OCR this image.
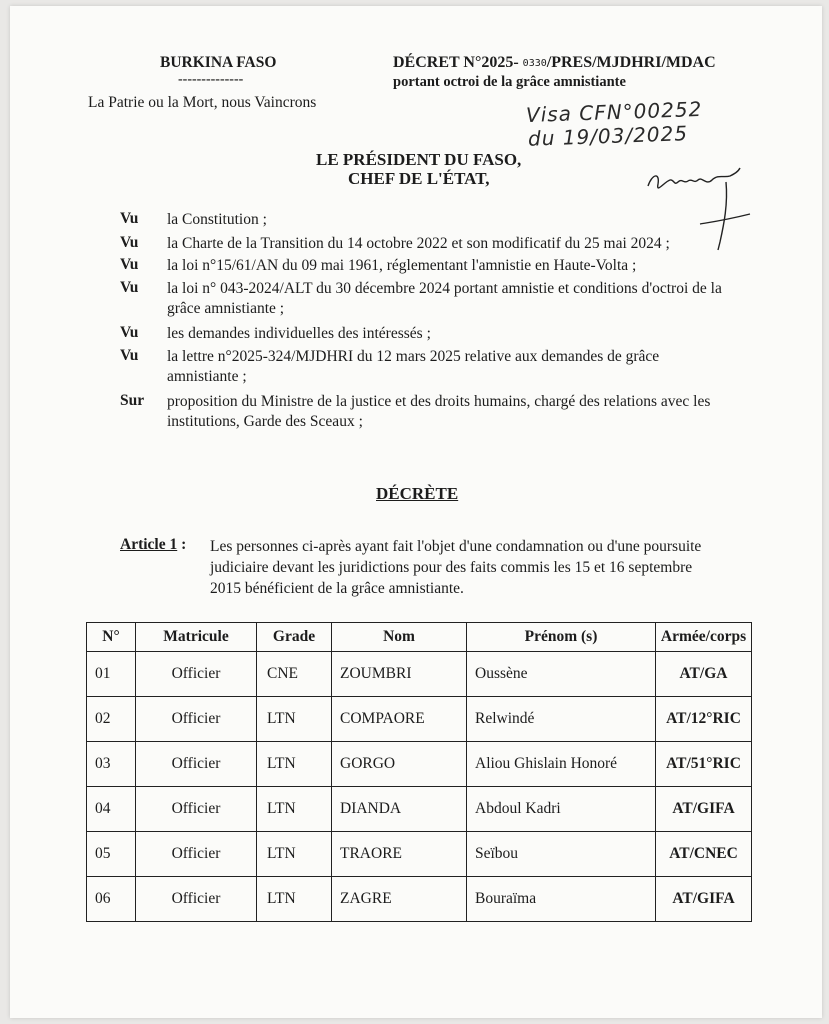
BURKINA FASO
--------------
La Patrie ou la Mort, nous Vaincrons
DÉCRET N°2025- 0330/PRES/MJDHRI/MDAC
portant octroi de la grâce amnistiante
Visa CFN°00252
du 19/03/2025
LE PRÉSIDENT DU FASO,
CHEF DE L'ÉTAT,
Vu la Constitution ;
Vu la Charte de la Transition du 14 octobre 2022 et son modificatif du 25 mai 2024 ;
Vu la loi n°15/61/AN du 09 mai 1961, réglementant l'amnistie en Haute-Volta ;
Vu la loi n° 043-2024/ALT du 30 décembre 2024 portant amnistie et conditions d'octroi de la grâce amnistiante ;
Vu les demandes individuelles des intéressés ;
Vu la lettre n°2025-324/MJDHRI du 12 mars 2025 relative aux demandes de grâce amnistiante ;
Sur proposition du Ministre de la justice et des droits humains, chargé des relations avec les institutions, Garde des Sceaux ;
DÉCRÈTE
Article 1 : Les personnes ci-après ayant fait l'objet d'une condamnation ou d'une poursuite judiciaire devant les juridictions pour des faits commis les 15 et 16 septembre 2015 bénéficient de la grâce amnistiante.
N°	Matricule	Grade	Nom	Prénom (s)	Armée/corps
01	Officier	CNE	ZOUMBRI	Oussène	AT/GA
02	Officier	LTN	COMPAORE	Relwindé	AT/12°RIC
03	Officier	LTN	GORGO	Aliou Ghislain Honoré	AT/51°RIC
04	Officier	LTN	DIANDA	Abdoul Kadri	AT/GIFA
05	Officier	LTN	TRAORE	Seïbou	AT/CNEC
06	Officier	LTN	ZAGRE	Bouraïma	AT/GIFA
